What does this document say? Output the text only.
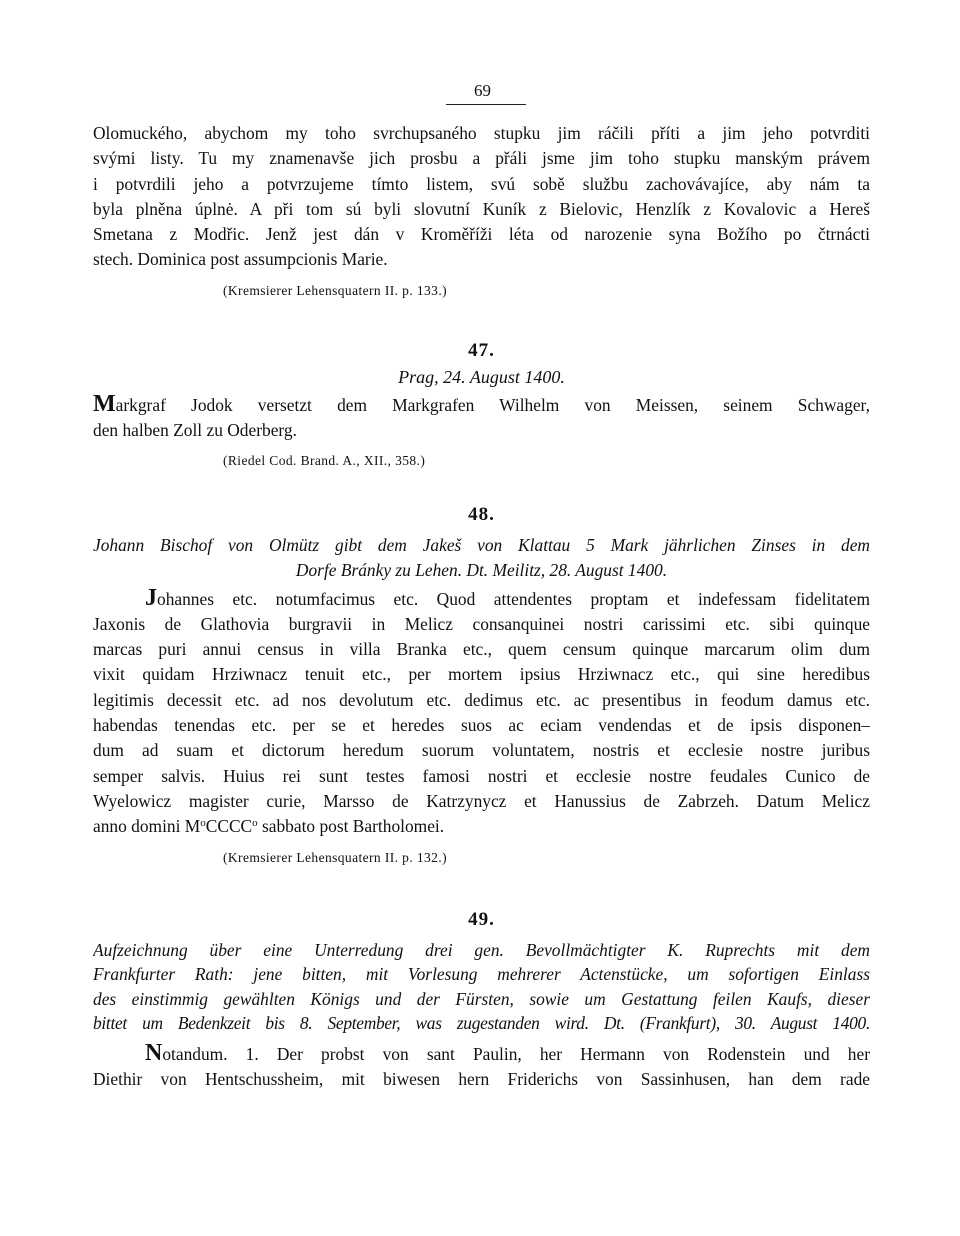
69
Olomuckého, abychom my toho svrchupsaného stupku jim ráčili příti a jim jeho potvrditi
svými listy. Tu my znamenavše jich prosbu a přáli jsme jim toho stupku manským právem
i potvrdili jeho a potvrzujeme tímto listem, svú sobě službu zachovávajíce, aby nám ta
byla plněna úplnė. A při tom sú byli slovutní Kuník z Bielovic, Henzlík z Kovalovic a Hereš
Smetana z Modřic. Jenž jest dán v Kroměříži léta od narozenie syna Božího po čtrnácti
stech. Dominica post assumpcionis Marie.
(Kremsierer Lehensquatern II. p. 133.)
47.
Prag, 24. August 1400.
Markgraf Jodok versetzt dem Markgrafen Wilhelm von Meissen, seinem Schwager,
den halben Zoll zu Oderberg.
(Riedel Cod. Brand. A., XII., 358.)
48.
Johann Bischof von Olmütz gibt dem Jakeš von Klattau 5 Mark jährlichen Zinses in dem
Dorfe Bránky zu Lehen. Dt. Meilitz, 28. August 1400.
Johannes etc. notumfacimus etc. Quod attendentes proptam et indefessam fidelitatem
Jaxonis de Glathovia burgravii in Melicz consanquinei nostri carissimi etc. sibi quinque
marcas puri annui census in villa Branka etc., quem censum quinque marcarum olim dum
vixit quidam Hrziwnacz tenuit etc., per mortem ipsius Hrziwnacz etc., qui sine heredibus
legitimis decessit etc. ad nos devolutum etc. dedimus etc. ac presentibus in feodum damus etc.
habendas tenendas etc. per se et heredes suos ac eciam vendendas et de ipsis disponen–
dum ad suam et dictorum heredum suorum voluntatem, nostris et ecclesie nostre juribus
semper salvis. Huius rei sunt testes famosi nostri et ecclesie nostre feudales Cunico de
Wyelowicz magister curie, Marsso de Katrzynycz et Hanussius de Zabrzeh. Datum Melicz
anno domini $M^oCCCC^o$ sabbato post Bartholomei.
(Kremsierer Lehensquatern II. p. 132.)
49.
Aufzeichnung über eine Unterredung drei gen. Bevollmächtigter K. Ruprechts mit dem
Frankfurter Rath: jene bitten, mit Vorlesung mehrerer Actenstücke, um sofortigen Einlass
des einstimmig gewählten Königs und der Fürsten, sowie um Gestattung feilen Kaufs, dieser
bittet um Bedenkzeit bis 8. September, was zugestanden wird. Dt. (Frankfurt), 30. August 1400.
Notandum. 1. Der probst von sant Paulin, her Hermann von Rodenstein und her
Diethir von Hentschussheim, mit biwesen hern Friderichs von Sassinhusen, han dem rade
